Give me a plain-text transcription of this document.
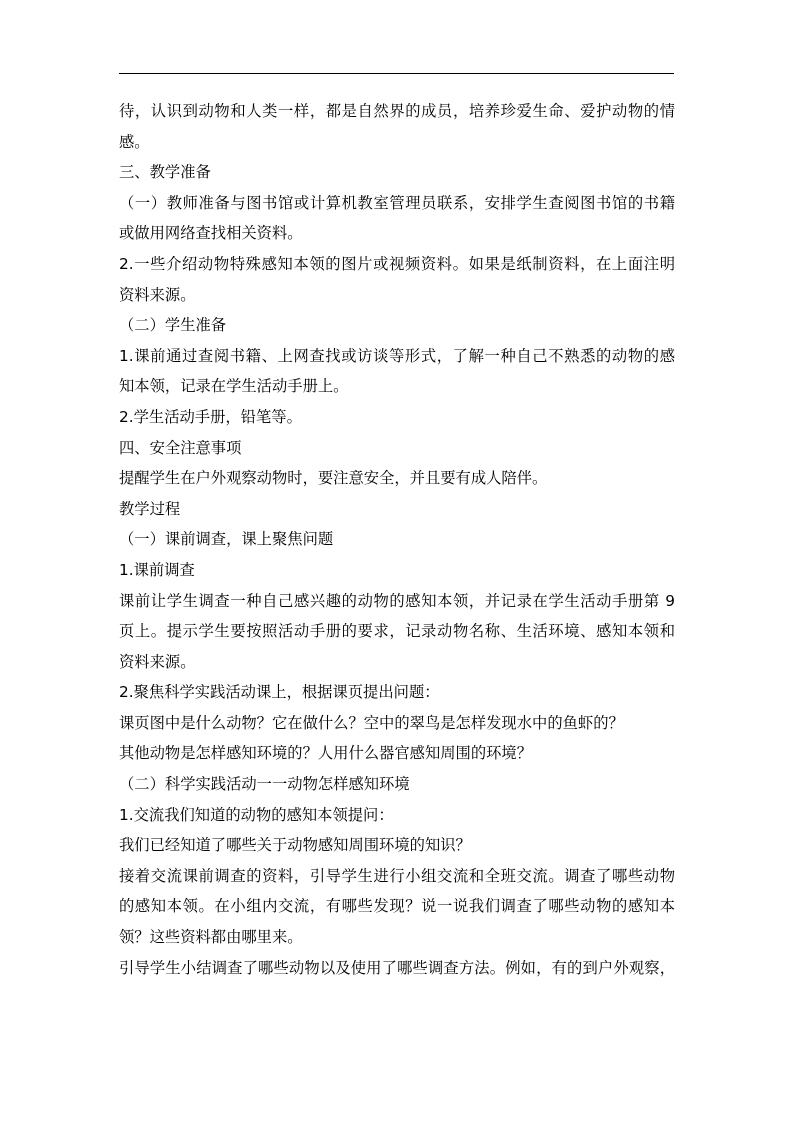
待，认识到动物和人类一样，都是自然界的成员，培养珍爱生命、爱护动物的情
感。
三、教学准备
（一）教师准备与图书馆或计算机教室管理员联系，安排学生查阅图书馆的书籍
或做用网络查找相关资料。
2.一些介绍动物特殊感知本领的图片或视频资料。如果是纸制资料，在上面注明
资料来源。
（二）学生准备
1.课前通过查阅书籍、上网查找或访谈等形式，了解一种自己不熟悉的动物的感
知本领，记录在学生活动手册上。
2.学生活动手册，铅笔等。
四、安全注意事项
提醒学生在户外观察动物时，要注意安全，并且要有成人陪伴。
教学过程
（一）课前调查，课上聚焦问题
1.课前调查
课前让学生调查一种自己感兴趣的动物的感知本领，并记录在学生活动手册第 9
页上。提示学生要按照活动手册的要求，记录动物名称、生活环境、感知本领和
资料来源。
2.聚焦科学实践活动课上，根据课页提出问题：
课页图中是什么动物？它在做什么？空中的翠鸟是怎样发现水中的鱼虾的？
其他动物是怎样感知环境的？人用什么器官感知周围的环境？
（二）科学实践活动一一动物怎样感知环境
1.交流我们知道的动物的感知本领提问：
我们已经知道了哪些关于动物感知周围环境的知识？
接着交流课前调查的资料，引导学生进行小组交流和全班交流。调查了哪些动物
的感知本领。在小组内交流，有哪些发现？说一说我们调查了哪些动物的感知本
领？这些资料都由哪里来。
引导学生小结调查了哪些动物以及使用了哪些调查方法。例如，有的到户外观察，
